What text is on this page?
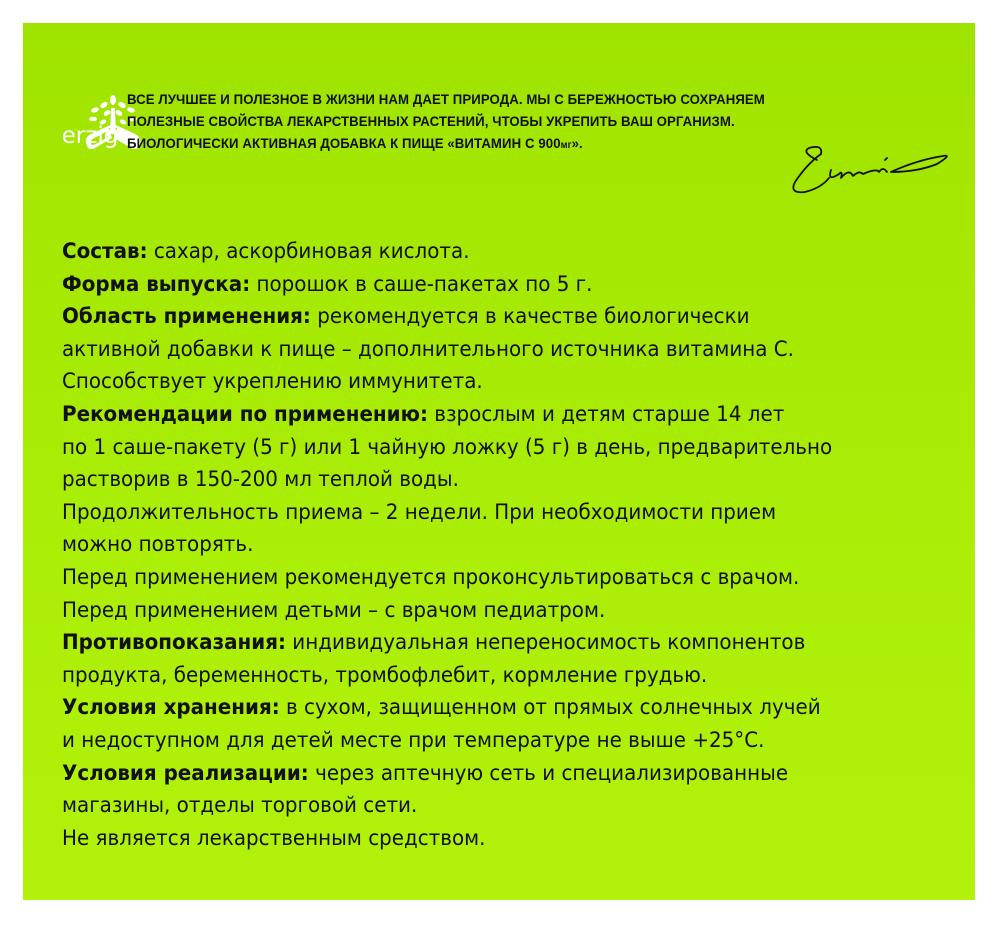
erzig
ВСЕ ЛУЧШЕЕ И ПОЛЕЗНОЕ В ЖИЗНИ НАМ ДАЕТ ПРИРОДА. МЫ С БЕРЕЖНОСТЬЮ СОХРАНЯЕМ
ПОЛЕЗНЫЕ СВОЙСТВА ЛЕКАРСТВЕННЫХ РАСТЕНИЙ, ЧТОБЫ УКРЕПИТЬ ВАШ ОРГАНИЗМ.
БИОЛОГИЧЕСКИ АКТИВНАЯ ДОБАВКА К ПИЩЕ «ВИТАМИН С 900мг».
Состав: сахар, аскорбиновая кислота.
Форма выпуска: порошок в саше-пакетах по 5 г.
Область применения: рекомендуется в качестве биологически
активной добавки к пище – дополнительного источника витамина С.
Способствует укреплению иммунитета.
Рекомендации по применению: взрослым и детям старше 14 лет
по 1 саше-пакету (5 г) или 1 чайную ложку (5 г) в день, предварительно
растворив в 150-200 мл теплой воды.
Продолжительность приема – 2 недели. При необходимости прием
можно повторять.
Перед применением рекомендуется проконсультироваться с врачом.
Перед применением детьми – с врачом педиатром.
Противопоказания: индивидуальная непереносимость компонентов
продукта, беременность, тромбофлебит, кормление грудью.
Условия хранения: в сухом, защищенном от прямых солнечных лучей
и недоступном для детей месте при температуре не выше +25°С.
Условия реализации: через аптечную сеть и специализированные
магазины, отделы торговой сети.
Не является лекарственным средством.
